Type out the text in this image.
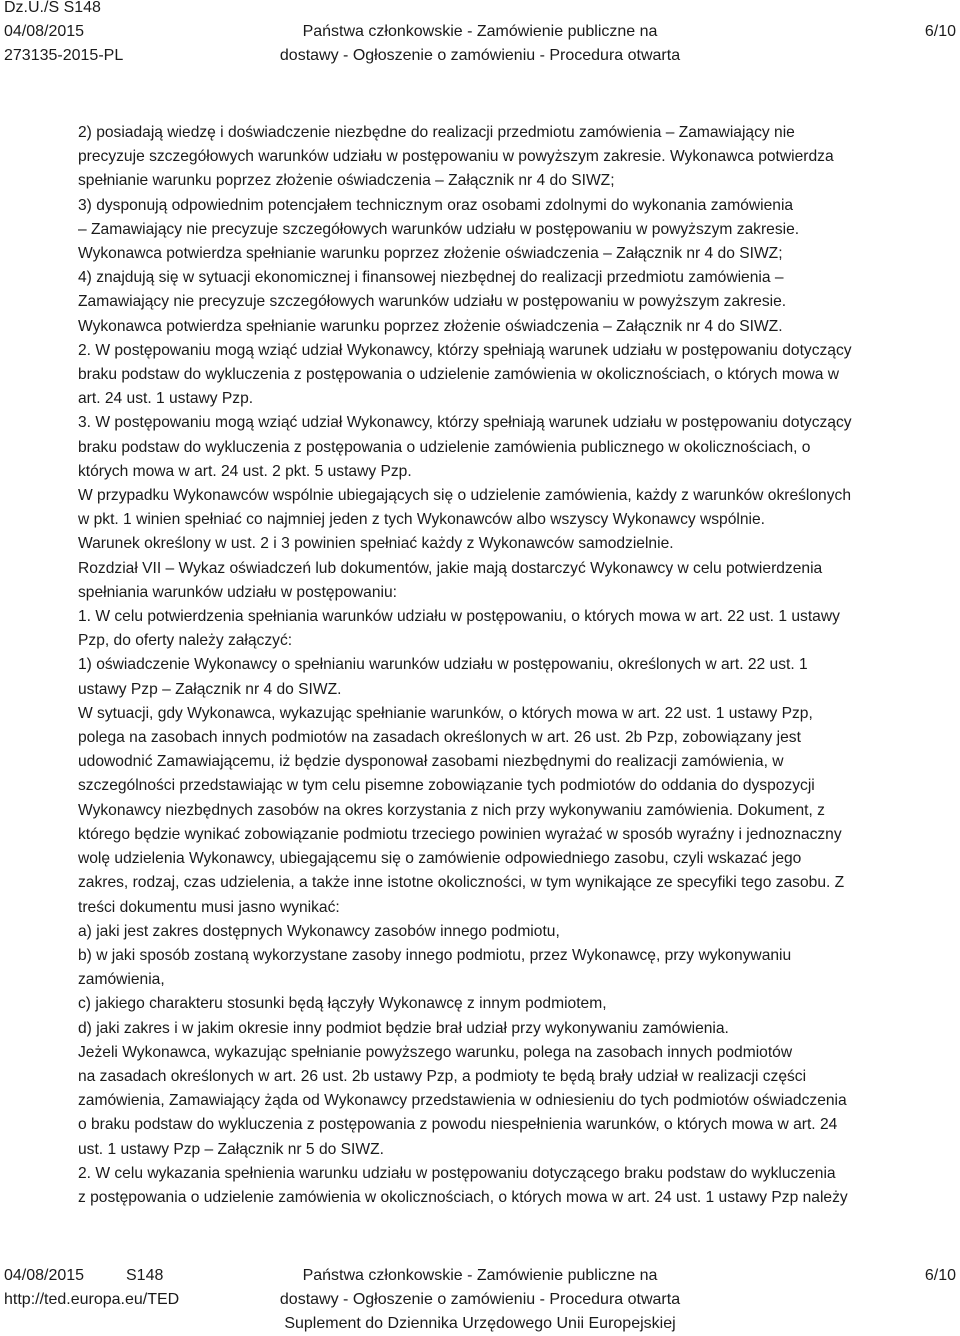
Dz.U./S S148
04/08/2015
273135-2015-PL
Państwa członkowskie - Zamówienie publiczne na
dostawy - Ogłoszenie o zamówieniu - Procedura otwarta
6/10
2) posiadają wiedzę i doświadczenie niezbędne do realizacji przedmiotu zamówienia – Zamawiający nie
precyzuje szczegółowych warunków udziału w postępowaniu w powyższym zakresie. Wykonawca potwierdza
spełnianie warunku poprzez złożenie oświadczenia – Załącznik nr 4 do SIWZ;
3) dysponują odpowiednim potencjałem technicznym oraz osobami zdolnymi do wykonania zamówienia
– Zamawiający nie precyzuje szczegółowych warunków udziału w postępowaniu w powyższym zakresie.
Wykonawca potwierdza spełnianie warunku poprzez złożenie oświadczenia – Załącznik nr 4 do SIWZ;
4) znajdują się w sytuacji ekonomicznej i finansowej niezbędnej do realizacji przedmiotu zamówienia –
Zamawiający nie precyzuje szczegółowych warunków udziału w postępowaniu w powyższym zakresie.
Wykonawca potwierdza spełnianie warunku poprzez złożenie oświadczenia – Załącznik nr 4 do SIWZ.
2. W postępowaniu mogą wziąć udział Wykonawcy, którzy spełniają warunek udziału w postępowaniu dotyczący
braku podstaw do wykluczenia z postępowania o udzielenie zamówienia w okolicznościach, o których mowa w
art. 24 ust. 1 ustawy Pzp.
3. W postępowaniu mogą wziąć udział Wykonawcy, którzy spełniają warunek udziału w postępowaniu dotyczący
braku podstaw do wykluczenia z postępowania o udzielenie zamówienia publicznego w okolicznościach, o
których mowa w art. 24 ust. 2 pkt. 5 ustawy Pzp.
W przypadku Wykonawców wspólnie ubiegających się o udzielenie zamówienia, każdy z warunków określonych
w pkt. 1 winien spełniać co najmniej jeden z tych Wykonawców albo wszyscy Wykonawcy wspólnie.
Warunek określony w ust. 2 i 3 powinien spełniać każdy z Wykonawców samodzielnie.
Rozdział VII – Wykaz oświadczeń lub dokumentów, jakie mają dostarczyć Wykonawcy w celu potwierdzenia
spełniania warunków udziału w postępowaniu:
1. W celu potwierdzenia spełniania warunków udziału w postępowaniu, o których mowa w art. 22 ust. 1 ustawy
Pzp, do oferty należy załączyć:
1) oświadczenie Wykonawcy o spełnianiu warunków udziału w postępowaniu, określonych w art. 22 ust. 1
ustawy Pzp – Załącznik nr 4 do SIWZ.
W sytuacji, gdy Wykonawca, wykazując spełnianie warunków, o których mowa w art. 22 ust. 1 ustawy Pzp,
polega na zasobach innych podmiotów na zasadach określonych w art. 26 ust. 2b Pzp, zobowiązany jest
udowodnić Zamawiającemu, iż będzie dysponował zasobami niezbędnymi do realizacji zamówienia, w
szczególności przedstawiając w tym celu pisemne zobowiązanie tych podmiotów do oddania do dyspozycji
Wykonawcy niezbędnych zasobów na okres korzystania z nich przy wykonywaniu zamówienia. Dokument, z
którego będzie wynikać zobowiązanie podmiotu trzeciego powinien wyrażać w sposób wyraźny i jednoznaczny
wolę udzielenia Wykonawcy, ubiegającemu się o zamówienie odpowiedniego zasobu, czyli wskazać jego
zakres, rodzaj, czas udzielenia, a także inne istotne okoliczności, w tym wynikające ze specyfiki tego zasobu. Z
treści dokumentu musi jasno wynikać:
a) jaki jest zakres dostępnych Wykonawcy zasobów innego podmiotu,
b) w jaki sposób zostaną wykorzystane zasoby innego podmiotu, przez Wykonawcę, przy wykonywaniu
zamówienia,
c) jakiego charakteru stosunki będą łączyły Wykonawcę z innym podmiotem,
d) jaki zakres i w jakim okresie inny podmiot będzie brał udział przy wykonywaniu zamówienia.
Jeżeli Wykonawca, wykazując spełnianie powyższego warunku, polega na zasobach innych podmiotów
na zasadach określonych w art. 26 ust. 2b ustawy Pzp, a podmioty te będą brały udział w realizacji części
zamówienia, Zamawiający żąda od Wykonawcy przedstawienia w odniesieniu do tych podmiotów oświadczenia
o braku podstaw do wykluczenia z postępowania z powodu niespełnienia warunków, o których mowa w art. 24
ust. 1 ustawy Pzp – Załącznik nr 5 do SIWZ.
2. W celu wykazania spełnienia warunku udziału w postępowaniu dotyczącego braku podstaw do wykluczenia
z postępowania o udzielenie zamówienia w okolicznościach, o których mowa w art. 24 ust. 1 ustawy Pzp należy
04/08/2015	S148
http://ted.europa.eu/TED
Państwa członkowskie - Zamówienie publiczne na
dostawy - Ogłoszenie o zamówieniu - Procedura otwarta
Suplement do Dziennika Urzędowego Unii Europejskiej
6/10
